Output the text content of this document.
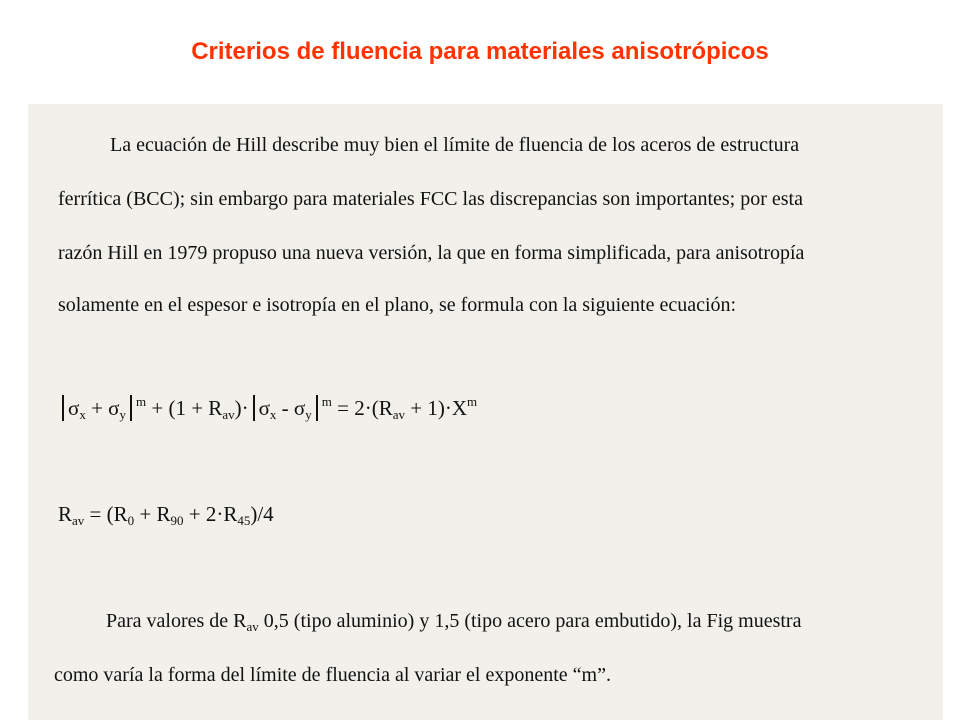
Criterios de fluencia para materiales anisotrópicos
La ecuación de Hill describe muy bien el límite de fluencia de los aceros de estructura
ferrítica (BCC); sin embargo para materiales FCC las discrepancias son importantes; por esta
razón Hill en 1979 propuso una nueva versión, la que en forma simplificada, para anisotropía
solamente en el espesor e isotropía en el plano, se formula con la siguiente ecuación:
$\sigma_x + \sigma_y^m + (1 + R_{av})\cdot \sigma_x - \sigma_y^m = 2\cdot(R_{av} + 1)\cdot X^m$
$R_{av} = (R_0 + R_{90} + 2\cdot R_{45})/4$
Para valores de $R_{av}$ 0,5 (tipo aluminio) y 1,5 (tipo acero para embutido), la Fig muestra
como varía la forma del límite de fluencia al variar el exponente “m”.
